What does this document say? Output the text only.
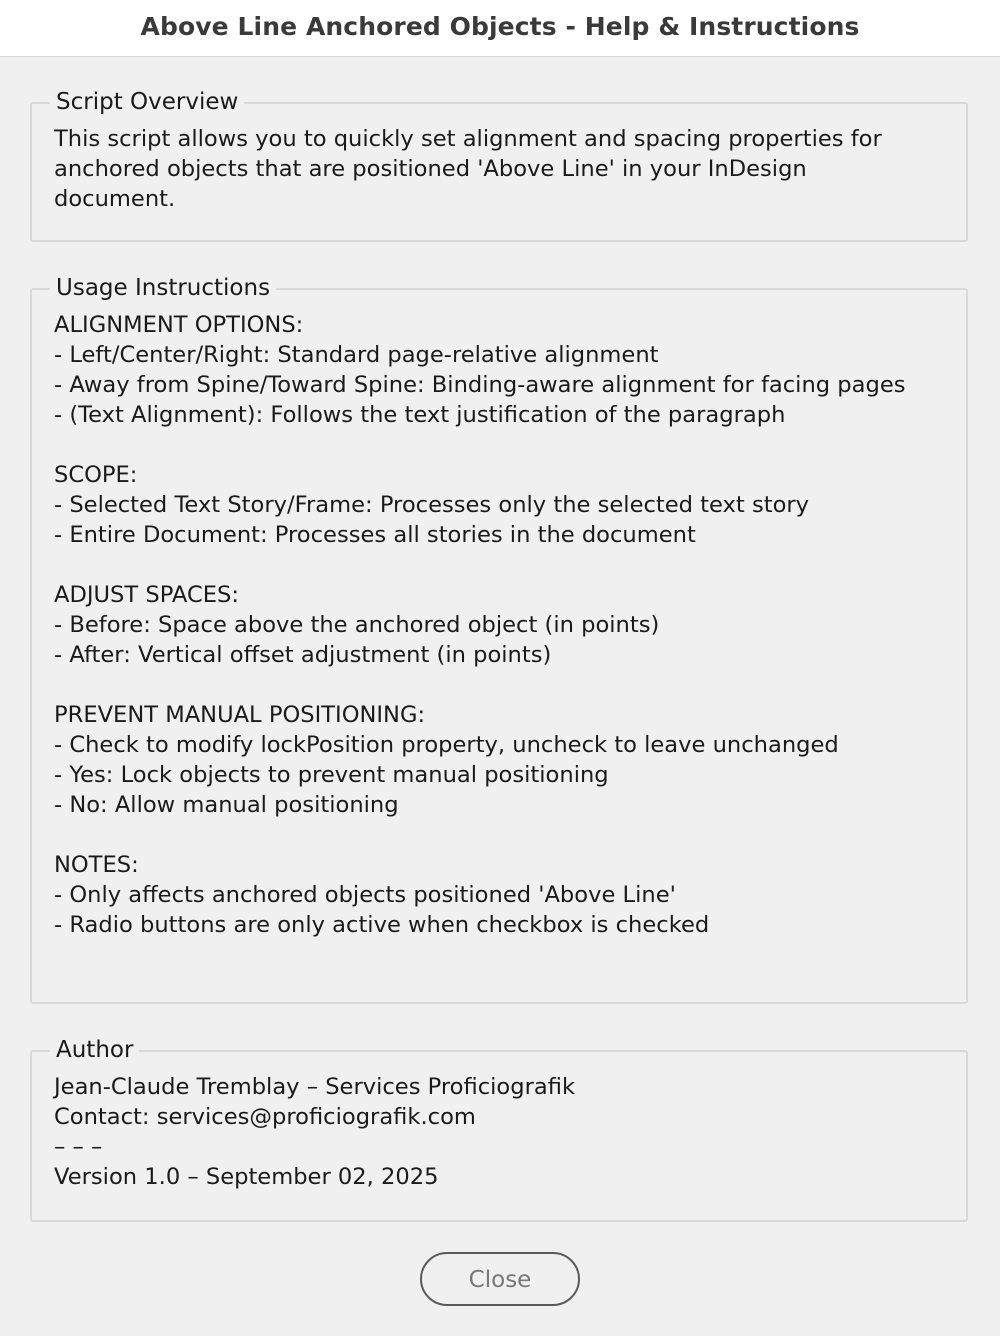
Above Line Anchored Objects - Help & Instructions
Script Overview
This script allows you to quickly set alignment and spacing properties for
anchored objects that are positioned 'Above Line' in your InDesign
document.
Usage Instructions
ALIGNMENT OPTIONS:
- Left/Center/Right: Standard page-relative alignment
- Away from Spine/Toward Spine: Binding-aware alignment for facing pages
- (Text Alignment): Follows the text justification of the paragraph

SCOPE:
- Selected Text Story/Frame: Processes only the selected text story
- Entire Document: Processes all stories in the document

ADJUST SPACES:
- Before: Space above the anchored object (in points)
- After: Vertical offset adjustment (in points)

PREVENT MANUAL POSITIONING:
- Check to modify lockPosition property, uncheck to leave unchanged
- Yes: Lock objects to prevent manual positioning
- No: Allow manual positioning

NOTES:
- Only affects anchored objects positioned 'Above Line'
- Radio buttons are only active when checkbox is checked
Author
Jean-Claude Tremblay – Services Proficiografik
Contact: services@proficiografik.com
– – –
Version 1.0 – September 02, 2025
Close
